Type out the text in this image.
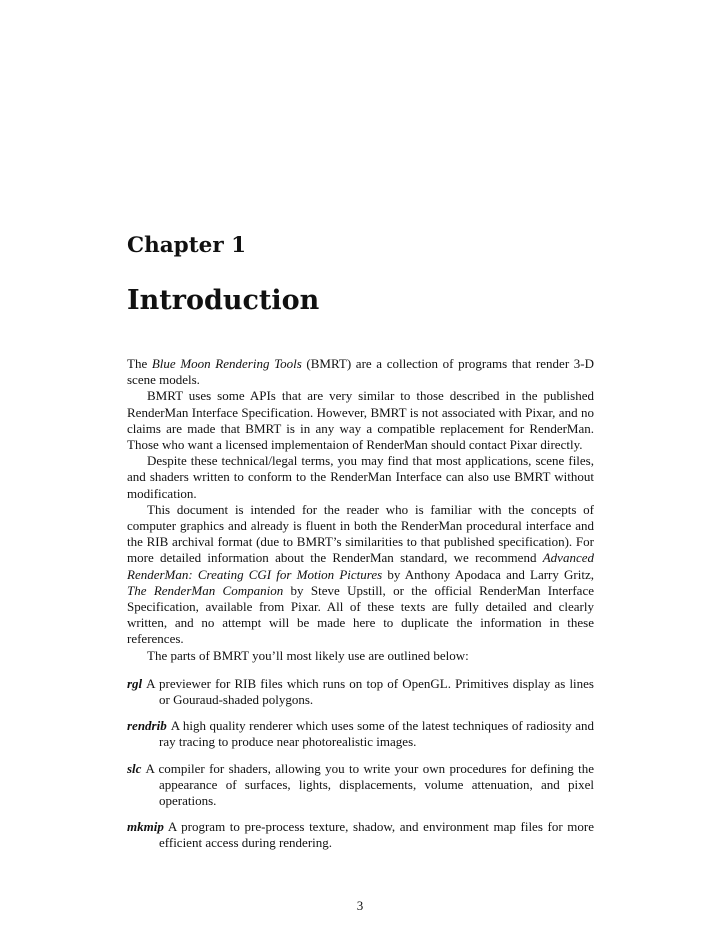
Chapter 1
Introduction

The Blue Moon Rendering Tools (BMRT) are a collection of programs that render 3-D scene models.

BMRT uses some APIs that are very similar to those described in the published RenderMan Interface Specification. However, BMRT is not associated with Pixar, and no claims are made that BMRT is in any way a compatible replacement for RenderMan. Those who want a licensed implementaion of RenderMan should contact Pixar directly.

Despite these technical/legal terms, you may find that most applications, scene files, and shaders written to conform to the RenderMan Interface can also use BMRT without modification.

This document is intended for the reader who is familiar with the concepts of computer graphics and already is fluent in both the RenderMan procedural interface and the RIB archival format (due to BMRT’s similarities to that published specification). For more detailed information about the RenderMan standard, we recommend Advanced RenderMan: Creating CGI for Motion Pictures by Anthony Apodaca and Larry Gritz, The RenderMan Companion by Steve Upstill, or the official RenderMan Interface Specification, available from Pixar. All of these texts are fully detailed and clearly written, and no attempt will be made here to duplicate the information in these references.

The parts of BMRT you’ll most likely use are outlined below:

rgl A previewer for RIB files which runs on top of OpenGL. Primitives display as lines or Gouraud-shaded polygons.

rendrib A high quality renderer which uses some of the latest techniques of radiosity and ray tracing to produce near photorealistic images.

slc A compiler for shaders, allowing you to write your own procedures for defining the appearance of surfaces, lights, displacements, volume attenuation, and pixel operations.

mkmip A program to pre-process texture, shadow, and environment map files for more efficient access during rendering.

3
